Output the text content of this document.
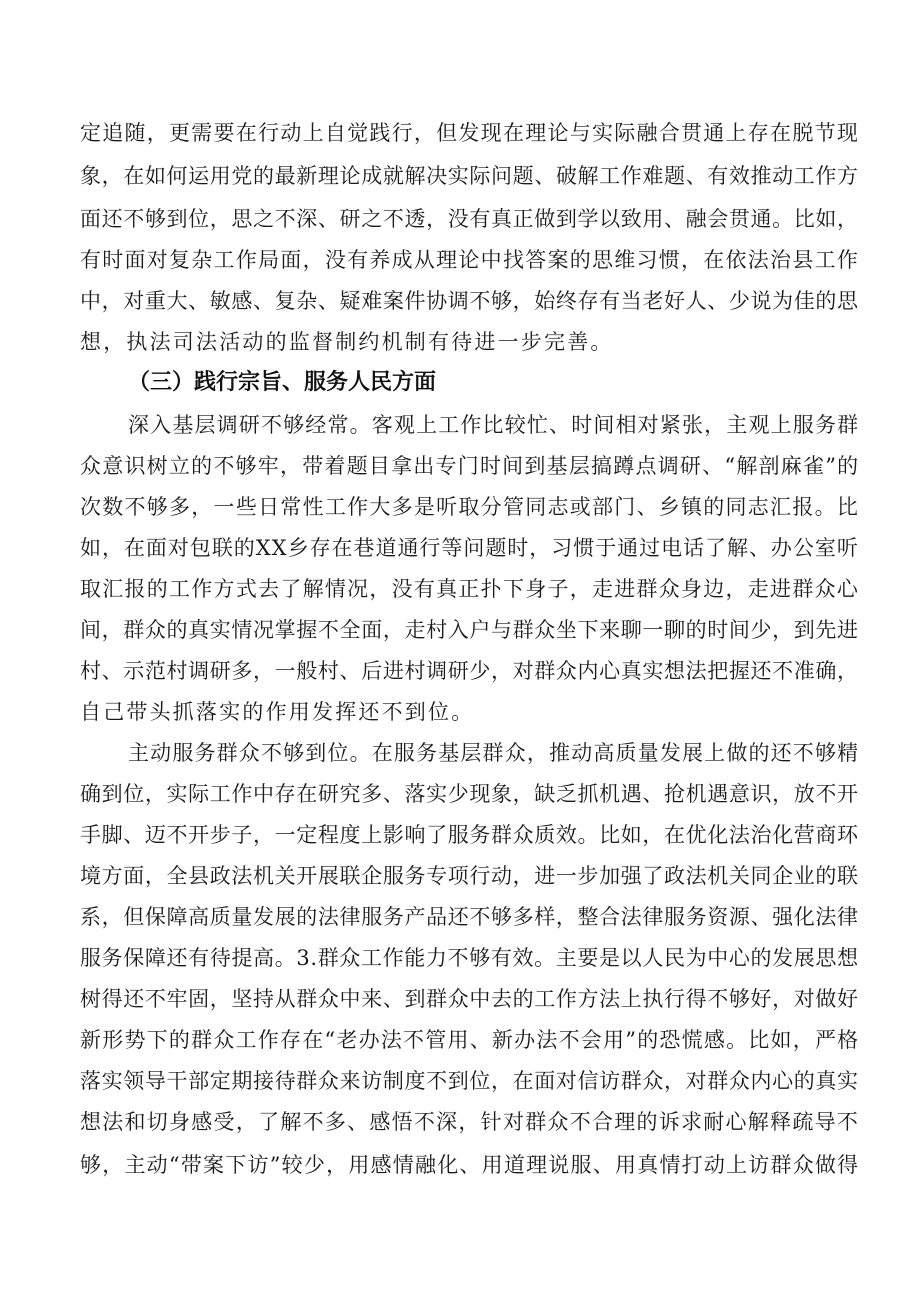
定追随，更需要在行动上自觉践行，但发现在理论与实际融合贯通上存在脱节现
象，在如何运用党的最新理论成就解决实际问题、破解工作难题、有效推动工作方
面还不够到位，思之不深、研之不透，没有真正做到学以致用、融会贯通。比如，
有时面对复杂工作局面，没有养成从理论中找答案的思维习惯，在依法治县工作
中，对重大、敏感、复杂、疑难案件协调不够，始终存有当老好人、少说为佳的思
想，执法司法活动的监督制约机制有待进一步完善。
（三）践行宗旨、服务人民方面
深入基层调研不够经常。客观上工作比较忙、时间相对紧张，主观上服务群
众意识树立的不够牢，带着题目拿出专门时间到基层搞蹲点调研、“解剖麻雀”的
次数不够多，一些日常性工作大多是听取分管同志或部门、乡镇的同志汇报。比
如，在面对包联的XX乡存在巷道通行等问题时，习惯于通过电话了解、办公室听
取汇报的工作方式去了解情况，没有真正扑下身子，走进群众身边，走进群众心
间，群众的真实情况掌握不全面，走村入户与群众坐下来聊一聊的时间少，到先进
村、示范村调研多，一般村、后进村调研少，对群众内心真实想法把握还不准确，
自己带头抓落实的作用发挥还不到位。
主动服务群众不够到位。在服务基层群众，推动高质量发展上做的还不够精
确到位，实际工作中存在研究多、落实少现象，缺乏抓机遇、抢机遇意识，放不开
手脚、迈不开步子，一定程度上影响了服务群众质效。比如，在优化法治化营商环
境方面，全县政法机关开展联企服务专项行动，进一步加强了政法机关同企业的联
系，但保障高质量发展的法律服务产品还不够多样，整合法律服务资源、强化法律
服务保障还有待提高。3.群众工作能力不够有效。主要是以人民为中心的发展思想
树得还不牢固，坚持从群众中来、到群众中去的工作方法上执行得不够好，对做好
新形势下的群众工作存在“老办法不管用、新办法不会用”的恐慌感。比如，严格
落实领导干部定期接待群众来访制度不到位，在面对信访群众，对群众内心的真实
想法和切身感受，了解不多、感悟不深，针对群众不合理的诉求耐心解释疏导不
够，主动“带案下访”较少，用感情融化、用道理说服、用真情打动上访群众做得
